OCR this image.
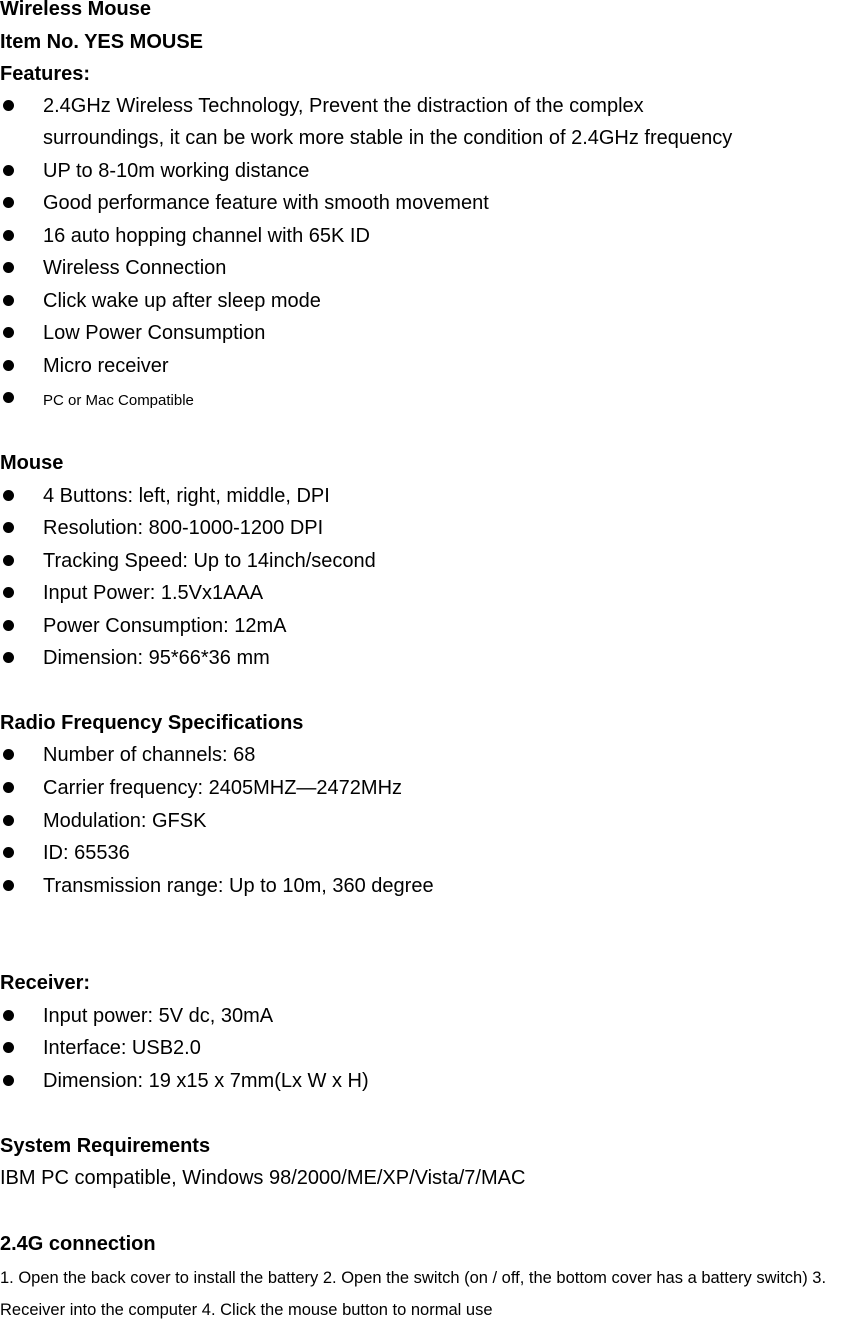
Wireless Mouse
Item No. YES MOUSE
Features:
2.4GHz Wireless Technology, Prevent the distraction of the complex
surroundings, it can be work more stable in the condition of 2.4GHz frequency
UP to 8-10m working distance
Good performance feature with smooth movement
16 auto hopping channel with 65K ID
Wireless Connection
Click wake up after sleep mode
Low Power Consumption
Micro receiver
PC or Mac Compatible
Mouse
4 Buttons: left, right, middle, DPI
Resolution: 800-1000-1200 DPI
Tracking Speed: Up to 14inch/second
Input Power: 1.5Vx1AAA
Power Consumption: 12mA
Dimension: 95*66*36 mm
Radio Frequency Specifications
Number of channels: 68
Carrier frequency: 2405MHZ—2472MHz
Modulation: GFSK
ID: 65536
Transmission range: Up to 10m, 360 degree
Receiver:
Input power: 5V dc, 30mA
Interface: USB2.0
Dimension: 19 x15 x 7mm(Lx W x H)
System Requirements
IBM PC compatible, Windows 98/2000/ME/XP/Vista/7/MAC
2.4G connection
1. Open the back cover to install the battery 2. Open the switch (on / off, the bottom cover has a battery switch) 3. Receiver into the computer 4. Click the mouse button to normal use
